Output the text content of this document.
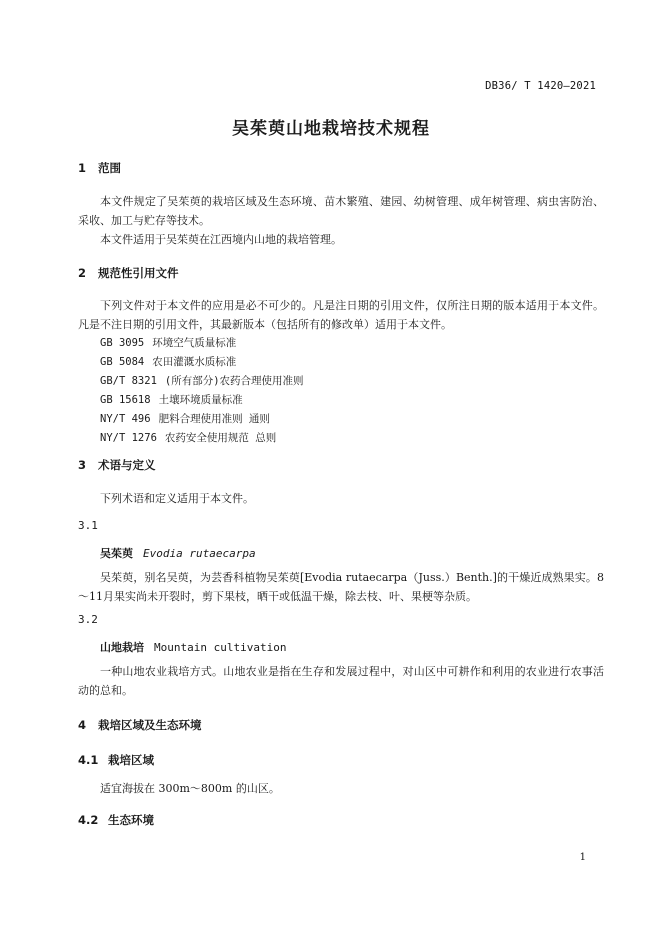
DB36/ T 1420—2021
吴茱萸山地栽培技术规程
1 范围

本文件规定了吴茱萸的栽培区域及生态环境、苗木繁殖、建园、幼树管理、成年树管理、病虫害防治、采收、加工与贮存等技术。

本文件适用于吴茱萸在江西境内山地的栽培管理。

2 规范性引用文件

下列文件对于本文件的应用是必不可少的。凡是注日期的引用文件，仅所注日期的版本适用于本文件。凡是不注日期的引用文件，其最新版本（包括所有的修改单）适用于本文件。

GB 3095 环境空气质量标准
GB 5084 农田灌溉水质标准
GB/T 8321 (所有部分)农药合理使用准则
GB 15618 土壤环境质量标准
NY/T 496 肥料合理使用准则 通则
NY/T 1276 农药安全使用规范 总则
3 术语与定义

下列术语和定义适用于本文件。

3.1
吴茱萸 Evodia rutaecarpa

吴茱萸，别名吴萸，为芸香科植物吴茱萸[Evodia rutaecarpa（Juss.）Benth.]的干燥近成熟果实。8～11月果实尚未开裂时，剪下果枝，晒干或低温干燥，除去枝、叶、果梗等杂质。

3.2
山地栽培 Mountain cultivation

一种山地农业栽培方式。山地农业是指在生存和发展过程中，对山区中可耕作和利用的农业进行农事活动的总和。

4 栽培区域及生态环境
4.1 栽培区域

适宜海拔在 300m～800m 的山区。

4.2 生态环境
1
